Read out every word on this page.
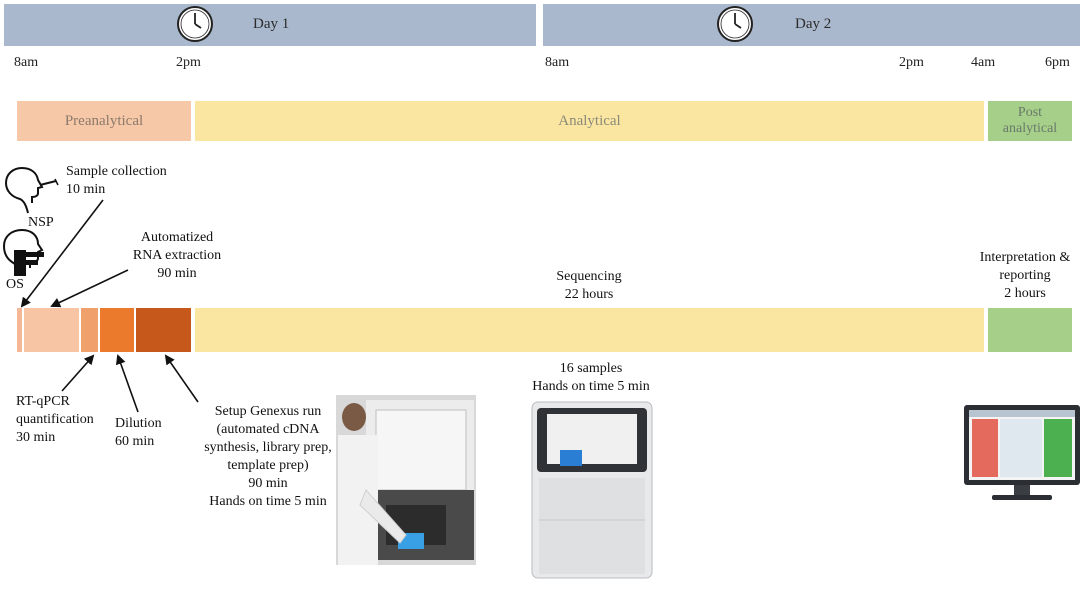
Day 1	Day 2
8am	2pm	8am	2pm	4am	6pm
Preanalytical	Analytical	Post
analytical
NSP
OS
Sample collection
10 min
Automatized
RNA extraction
90 min	Sequencing
22 hours
Interpretation &
reporting
2 hours
RT-qPCR
quantification
30 min
Dilution
60 min
Setup Genexus run
(automated cDNA
synthesis, library prep,
template prep)
90 min
Hands on time 5 min
16 samples
Hands on time 5 min
